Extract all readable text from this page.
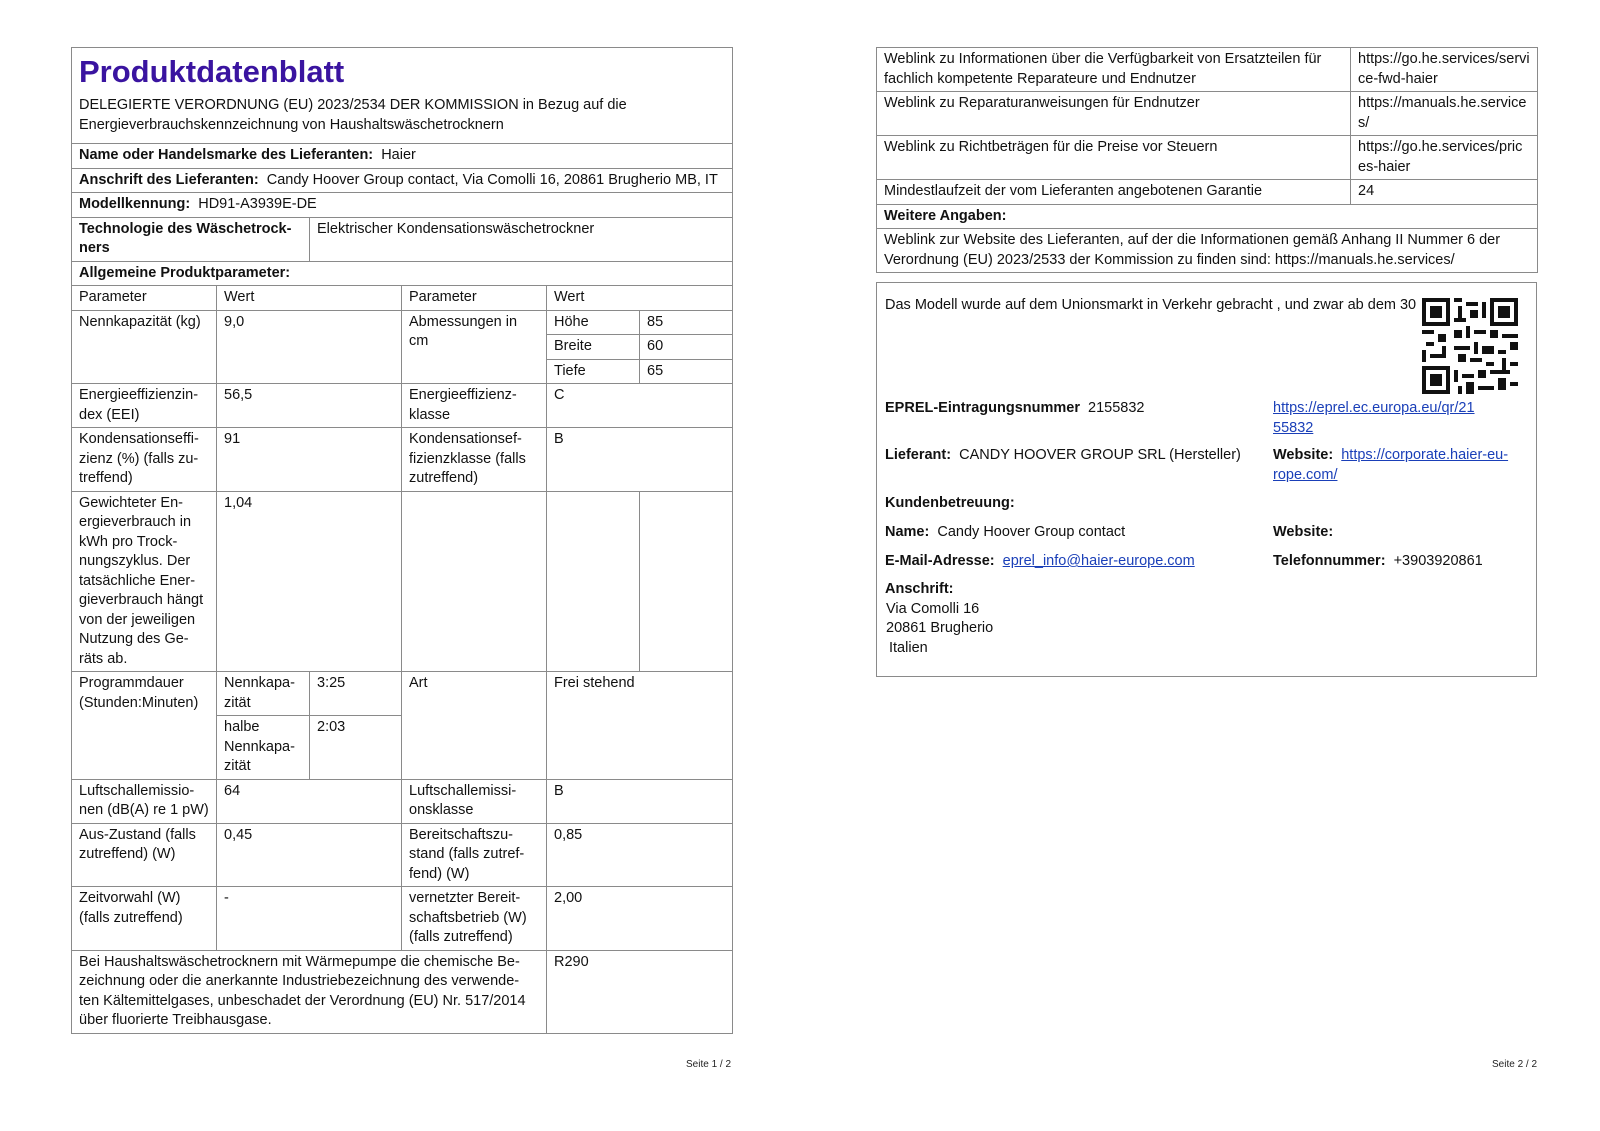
Produktdatenblatt
DELEGIERTE VERORDNUNG (EU) 2023/2534 DER KOMMISSION in Bezug auf die Energieverbrauchskennzeichnung von Haushaltswäschetrocknern					

Name oder Handelsmarke des Lieferanten: Haier					
Anschrift des Lieferanten: Candy Hoover Group contact, Via Comolli 16, 20861 Brugherio MB, IT					
Modellkennung: HD91-A3939E-DE					
Technologie des Wäschetrock-ners		Elektrischer Kondensationswäschetrockner			
Allgemeine Produktparameter:					
Parameter	Wert		Parameter	Wert	
Nennkapazität (kg)	9,0		Abmessungen in cm	Höhe	85
				Breite	60
				Tiefe	65
Energieeffizienzin-dex (EEI)	56,5		Energieeffizienz-klasse	C	
Kondensationseffi-zienz (%) (falls zu-treffend)	91		Kondensationsef-fizienzklasse (falls zutreffend)	B	
Gewichteter En-ergieverbrauch in kWh pro Trock-nungszyklus. Der tatsächliche Ener-gieverbrauch hängt von der jeweiligen Nutzung des Ge-räts ab.	1,04				
Programmdauer (Stunden:Minuten)	Nennkapa-zität	3:25	Art	Frei stehend	
	halbe Nennkapa-zität	2:03			
Luftschallemissio-nen (dB(A) re 1 pW)	64		Luftschallemissi-onsklasse	B	
Aus-Zustand (falls zutreffend) (W)	0,45		Bereitschaftszu-stand (falls zutref-fend) (W)	0,85	
Zeitvorwahl (W) (falls zutreffend)	-		vernetzter Bereit-schaftsbetrieb (W) (falls zutreffend)	2,00	
Bei Haushaltswäschetrocknern mit Wärmepumpe die chemische Be-zeichnung oder die anerkannte Industriebezeichnung des verwende-ten Kältemittelgases, unbeschadet der Verordnung (EU) Nr. 517/2014 über fluorierte Treibhausgase.				R290	
Seite 1 / 2
Weblink zu Informationen über die Verfügbarkeit von Ersatzteilen für fachlich kompetente Reparateure und Endnutzer	https://go.he.services/service-fwd-haier
Weblink zu Reparaturanweisungen für Endnutzer	https://manuals.he.services/
Weblink zu Richtbeträgen für die Preise vor Steuern	https://go.he.services/prices-haier
Mindestlaufzeit der vom Lieferanten angebotenen Garantie	24
Weitere Angaben:	
Weblink zur Website des Lieferanten, auf der die Informationen gemäß Anhang II Nummer 6 der Verordnung (EU) 2023/2533 der Kommission zu finden sind: https://manuals.he.services/	
Das Modell wurde auf dem Unionsmarkt in Verkehr gebracht , und zwar ab dem 30
EPREL-Eintragungsnummer 2155832	https://eprel.ec.europa.eu/qr/21
55832
Lieferant: CANDY HOOVER GROUP SRL (Hersteller) Website: https://corporate.haier-eu-
rope.com/
Kundenbetreuung:
Name: Candy Hoover Group contact	Website:
E-Mail-Adresse: eprel_info@haier-europe.com	Telefonnummer: +3903920861
Anschrift:
Via Comolli 16
20861 Brugherio
Italien
Seite 2 / 2
